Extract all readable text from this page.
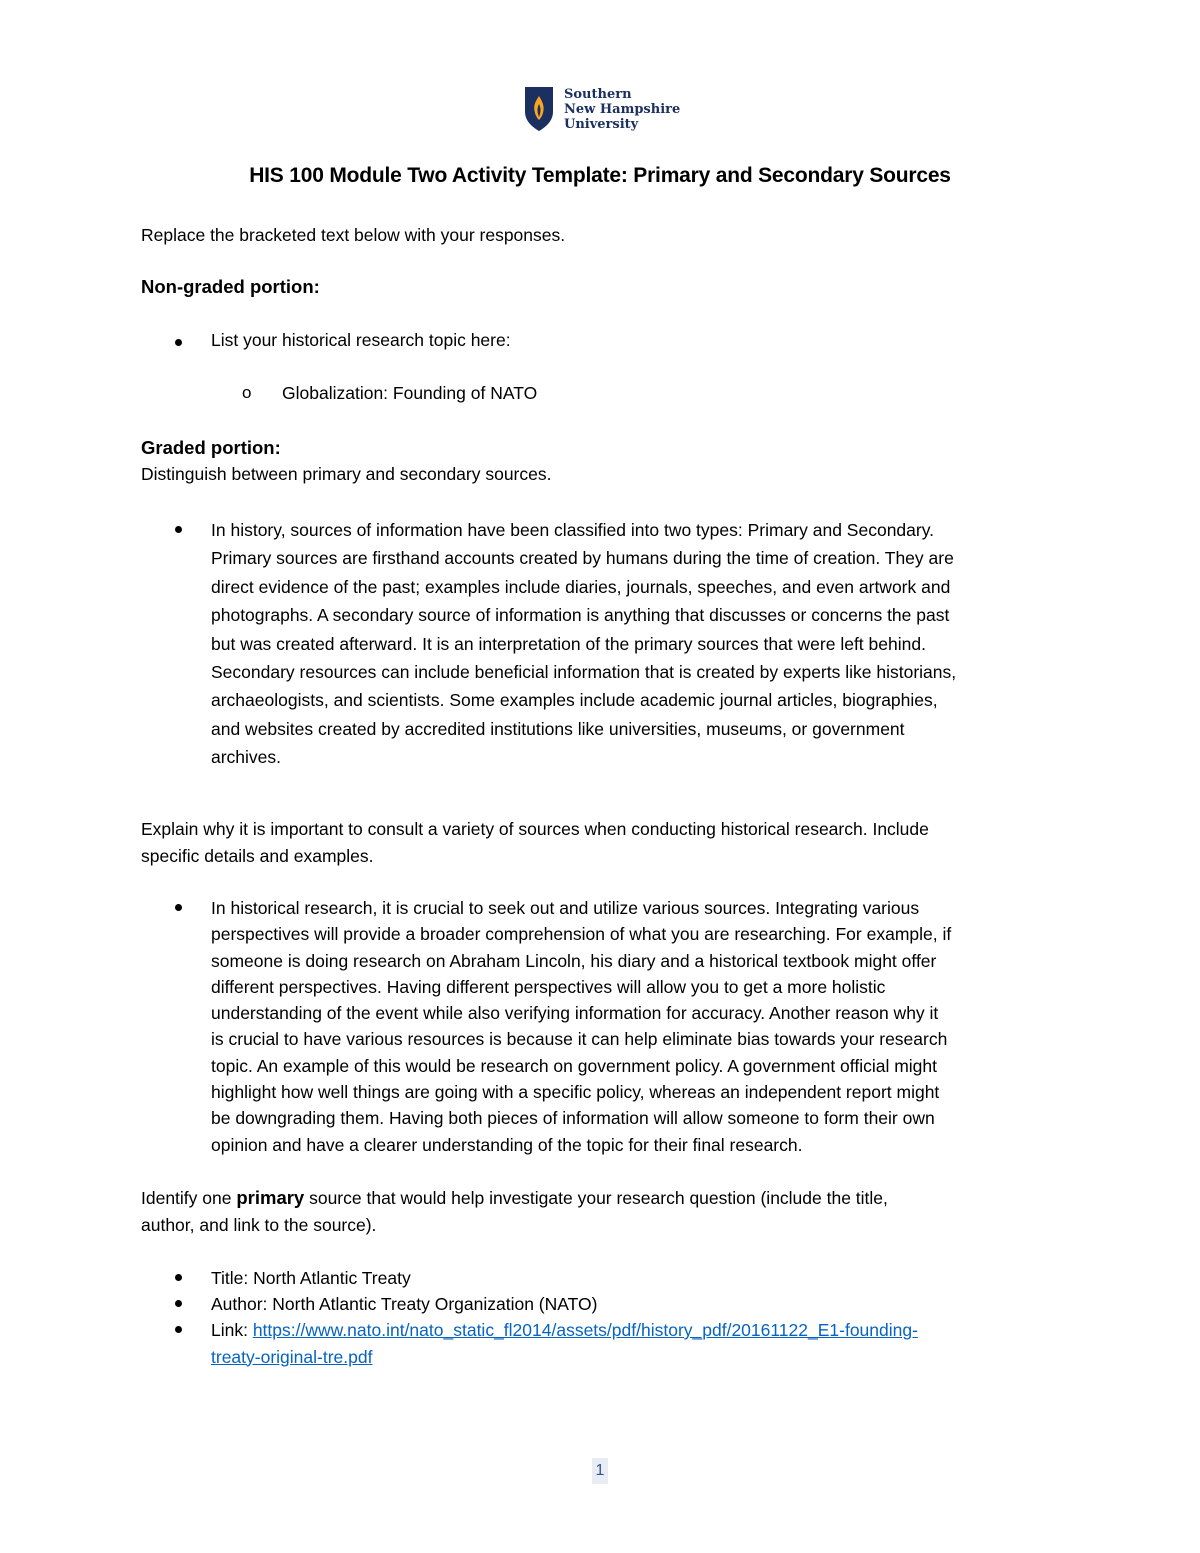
Southern
New Hampshire
University
HIS 100 Module Two Activity Template: Primary and Secondary Sources
Replace the bracketed text below with your responses.
Non-graded portion:
List your historical research topic here:
o Globalization: Founding of NATO
Graded portion:
Distinguish between primary and secondary sources.
In history, sources of information have been classified into two types: Primary and Secondary.
Primary sources are firsthand accounts created by humans during the time of creation. They are
direct evidence of the past; examples include diaries, journals, speeches, and even artwork and
photographs. A secondary source of information is anything that discusses or concerns the past
but was created afterward. It is an interpretation of the primary sources that were left behind.
Secondary resources can include beneficial information that is created by experts like historians,
archaeologists, and scientists. Some examples include academic journal articles, biographies,
and websites created by accredited institutions like universities, museums, or government
archives.
Explain why it is important to consult a variety of sources when conducting historical research. Include
specific details and examples.
In historical research, it is crucial to seek out and utilize various sources. Integrating various
perspectives will provide a broader comprehension of what you are researching. For example, if
someone is doing research on Abraham Lincoln, his diary and a historical textbook might offer
different perspectives. Having different perspectives will allow you to get a more holistic
understanding of the event while also verifying information for accuracy. Another reason why it
is crucial to have various resources is because it can help eliminate bias towards your research
topic. An example of this would be research on government policy. A government official might
highlight how well things are going with a specific policy, whereas an independent report might
be downgrading them. Having both pieces of information will allow someone to form their own
opinion and have a clearer understanding of the topic for their final research.
Identify one primary source that would help investigate your research question (include the title,
author, and link to the source).
Title: North Atlantic Treaty
Author: North Atlantic Treaty Organization (NATO)
Link: https://www.nato.int/nato_static_fl2014/assets/pdf/history_pdf/20161122_E1-founding-
treaty-original-tre.pdf
1
